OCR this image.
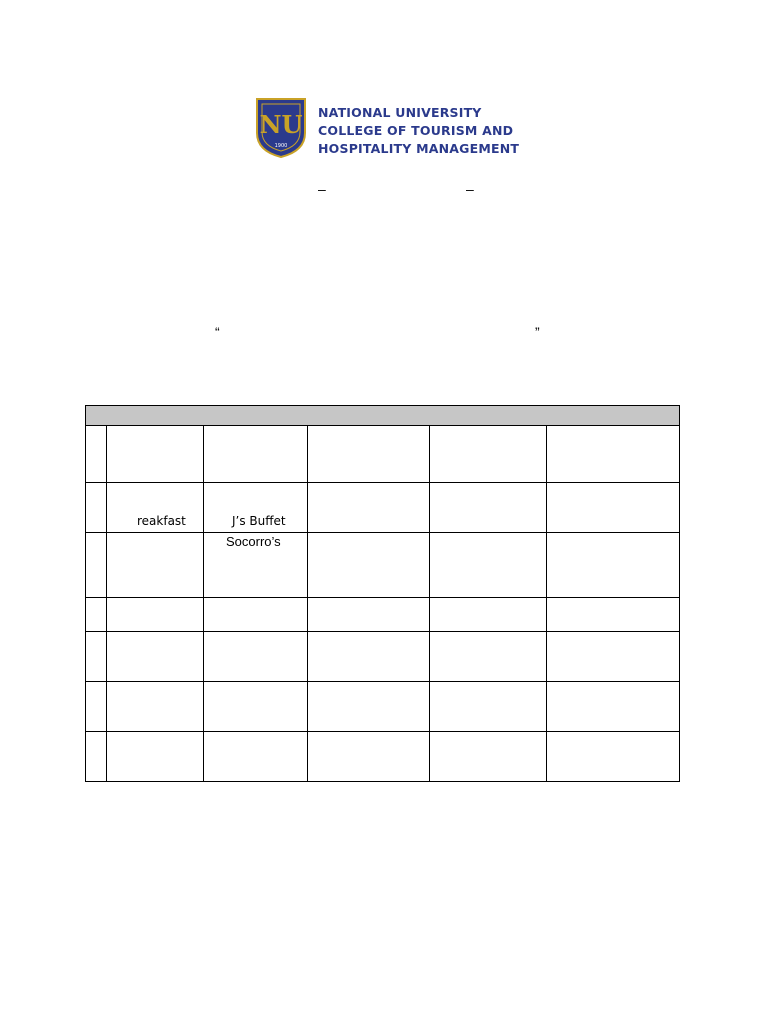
NU
1900
NATIONAL UNIVERSITY
COLLEGE OF TOURISM AND
HOSPITALITY MANAGEMENT
–	–
“	”

	reakfast	J’s Buffet			

		Socorro’s			
